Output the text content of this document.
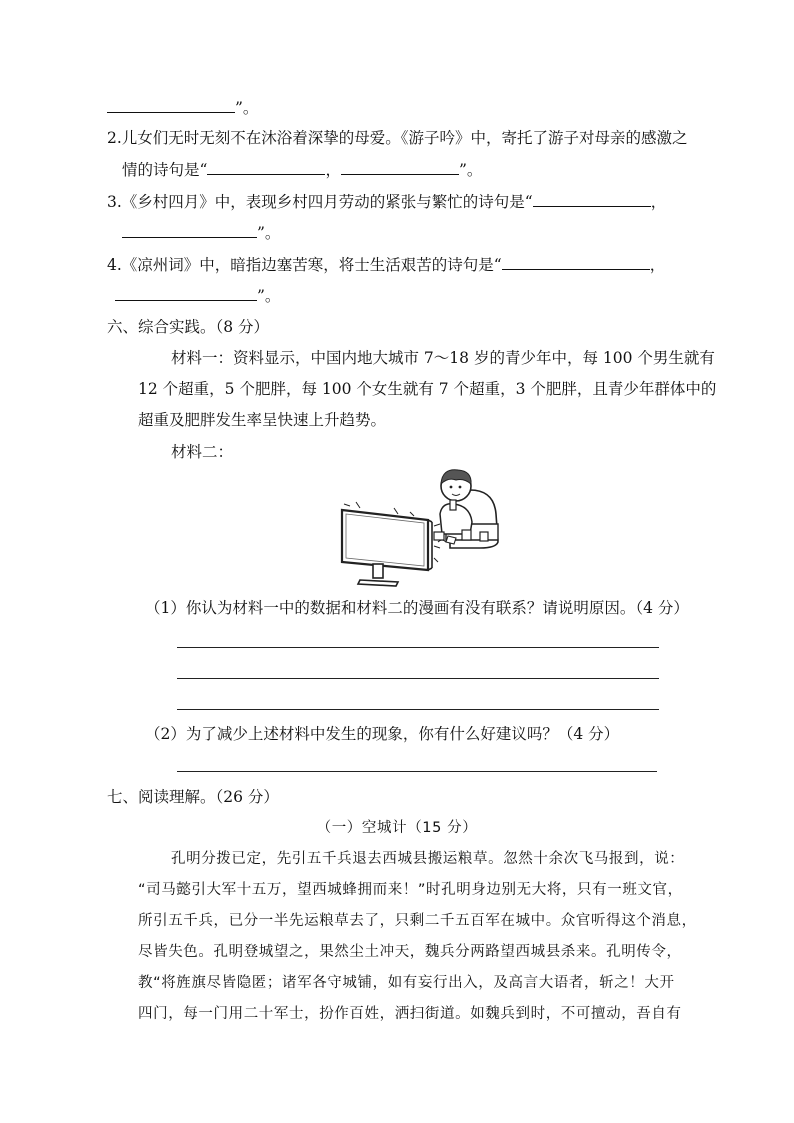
”。
2.儿女们无时无刻不在沐浴着深挚的母爱。《游子吟》中，寄托了游子对母亲的感激之
情的诗句是“	，	”。
3.《乡村四月》中，表现乡村四月劳动的紧张与繁忙的诗句是“	，
”。
4.《凉州词》中，暗指边塞苦寒，将士生活艰苦的诗句是“	，
”。
六、综合实践。（8 分）
材料一：资料显示，中国内地大城市 7～18 岁的青少年中，每 100 个男生就有
12 个超重，5 个肥胖，每 100 个女生就有 7 个超重，3 个肥胖，且青少年群体中的
超重及肥胖发生率呈快速上升趋势。
材料二：
（1）你认为材料一中的数据和材料二的漫画有没有联系？请说明原因。（4 分）
（2）为了减少上述材料中发生的现象，你有什么好建议吗？（4 分）
七、阅读理解。（26 分）
（一）空城计（15 分）
孔明分拨已定，先引五千兵退去西城县搬运粮草。忽然十余次飞马报到，说：
“司马懿引大军十五万，望西城蜂拥而来！”时孔明身边别无大将，只有一班文官，
所引五千兵，已分一半先运粮草去了，只剩二千五百军在城中。众官听得这个消息，
尽皆失色。孔明登城望之，果然尘土冲天，魏兵分两路望西城县杀来。孔明传令，
教“将旌旗尽皆隐匿；诸军各守城铺，如有妄行出入，及高言大语者，斩之！大开
四门，每一门用二十军士，扮作百姓，洒扫街道。如魏兵到时，不可擅动，吾自有
